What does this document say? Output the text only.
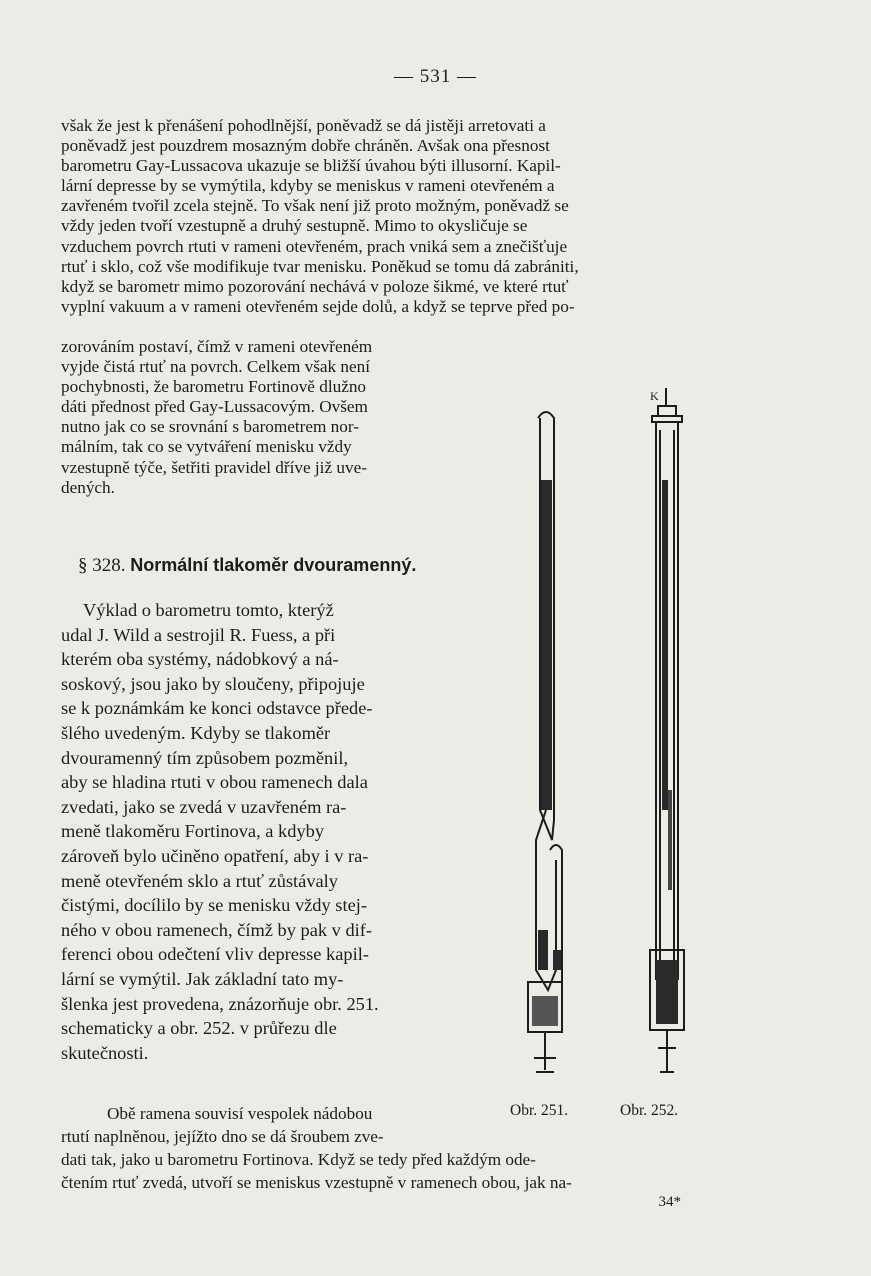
— 531 —

však že jest k přenášení pohodlnější, poněvadž se dá jistěji arretovati a
poněvadž jest pouzdrem mosazným dobře chráněn. Avšak ona přesnost
barometru Gay-Lussacova ukazuje se bližší úvahou býti illusorní. Kapil-
lární depresse by se vymýtila, kdyby se meniskus v rameni otevřeném a
zavřeném tvořil zcela stejně. To však není již proto možným, poněvadž se
vždy jeden tvoří vzestupně a druhý sestupně. Mimo to okysličuje se
vzduchem povrch rtuti v rameni otevřeném, prach vniká sem a znečišťuje
rtuť i sklo, což vše modifikuje tvar menisku. Poněkud se tomu dá zabrániti,
když se barometr mimo pozorování nechává v poloze šikmé, ve které rtuť
vyplní vakuum a v rameni otevřeném sejde dolů, a když se teprve před po-

zorováním postaví, čímž v rameni otevřeném
vyjde čistá rtuť na povrch. Celkem však není
pochybnosti, že barometru Fortinově dlužno
dáti přednost před Gay-Lussacovým. Ovšem
nutno jak co se srovnání s barometrem nor-
málním, tak co se vytváření menisku vždy
vzestupně týče, šetřiti pravidel dříve již uve-
dených.

§ 328. Normální tlakoměr dvouramenný.

Výklad o barometru tomto, kterýž
udal J. Wild a sestrojil R. Fuess, a při
kterém oba systémy, nádobkový a ná-
soskový, jsou jako by sloučeny, připojuje
se k poznámkám ke konci odstavce přede-
šlého uvedeným. Kdyby se tlakoměr
dvouramenný tím způsobem pozměnil,
aby se hladina rtuti v obou ramenech dala
zvedati, jako se zvedá v uzavřeném ra-
meně tlakoměru Fortinova, a kdyby
zároveň bylo učiněno opatření, aby i v ra-
meně otevřeném sklo a rtuť zůstávaly
čistými, docílilo by se menisku vždy stej-
ného v obou ramenech, čímž by pak v dif-
ferenci obou odečtení vliv depresse kapil-
lární se vymýtil. Jak základní tato my-
šlenka jest provedena, znázorňuje obr. 251.
schematicky a obr. 252. v průřezu dle
skutečnosti.

K
Obr. 251.	Obr. 252.

Obě ramena souvisí vespolek nádobou
rtutí naplněnou, jejížto dno se dá šroubem zve-
dati tak, jako u barometru Fortinova. Když se tedy před každým ode-
čtením rtuť zvedá, utvoří se meniskus vzestupně v ramenech obou, jak na-

34*
